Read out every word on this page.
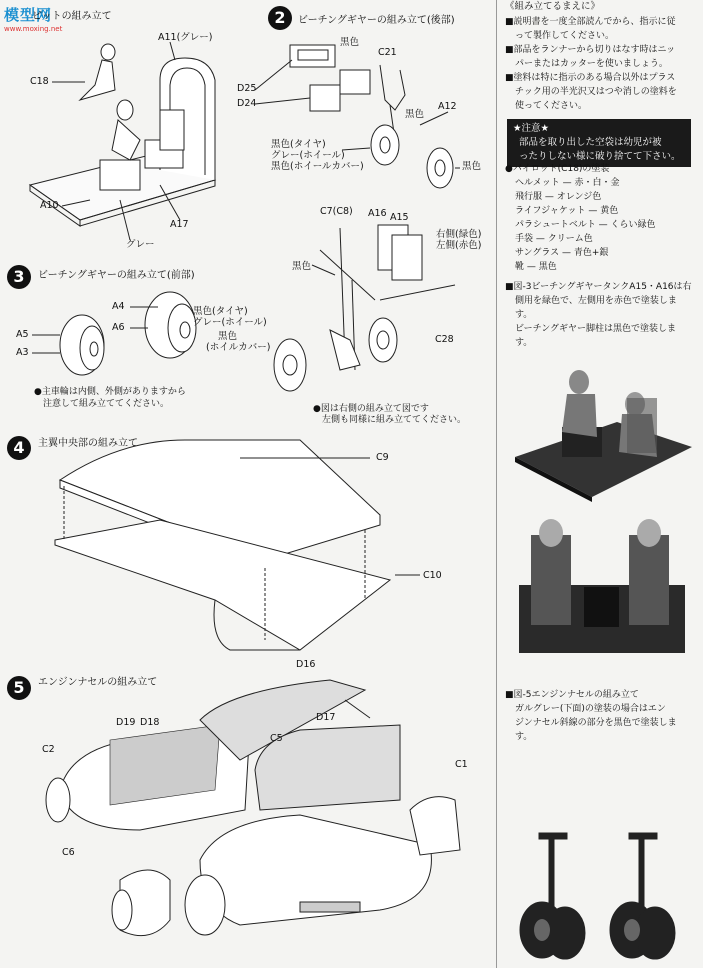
模型网
www.moxing.net
ピットの組み立て
C18
A11(グレー)
A10
A17
グレー
2	ビーチングギヤーの組み立て(後部)
黒色
C21
D25
D24
黒色
A12
黒色(タイヤ)
グレー(ホイール)
黒色(ホイールカバー)	黒色
C7(C8) A16 A15
右側(緑色)
左側(赤色)
黒色
C28
●図は右側の組み立て図です
左側も同様に組み立ててください。
3	ビーチングギヤーの組み立て(前部)
A4
A6
A5
A3
黒色(タイヤ)
グレー(ホイール)
黒色
(ホイルカバー)
●主車輪は内側、外側がありますから
注意して組み立ててください。
4	主翼中央部の組み立て
C9
C10
5	エンジンナセルの組み立て
D16
D19 D18	D17
C2
C5
C1
C6
《組み立てるまえに》
■説明書を一度全部読んでから、指示に従
って製作してください。
■部品をランナーから切りはなす時はニッ
パーまたはカッターを使いましょう。
■塗料は特に指示のある場合以外はプラス
チック用の半光沢又はつや消しの塗料を
使ってください。
★注意★
部品を取り出した空袋は幼児が被
ったりしない様に破り捨てて下さい。
●パイロット(C18)の塗装
ヘルメット — 赤・白・金
飛行服 — オレンジ色
ライフジャケット — 黄色
パラシュートベルト — くらい緑色
手袋 — クリーム色
サングラス — 青色+銀
靴 — 黒色
■図-3ビーチングギヤータンクA15・A16は右
側用を緑色で、左側用を赤色で塗装しま
す。
ビーチングギヤー脚柱は黒色で塗装しま
す。
■図-5エンジンナセルの組み立て
ガルグレー(下面)の塗装の場合はエン
ジンナセル斜線の部分を黒色で塗装しま
す。
